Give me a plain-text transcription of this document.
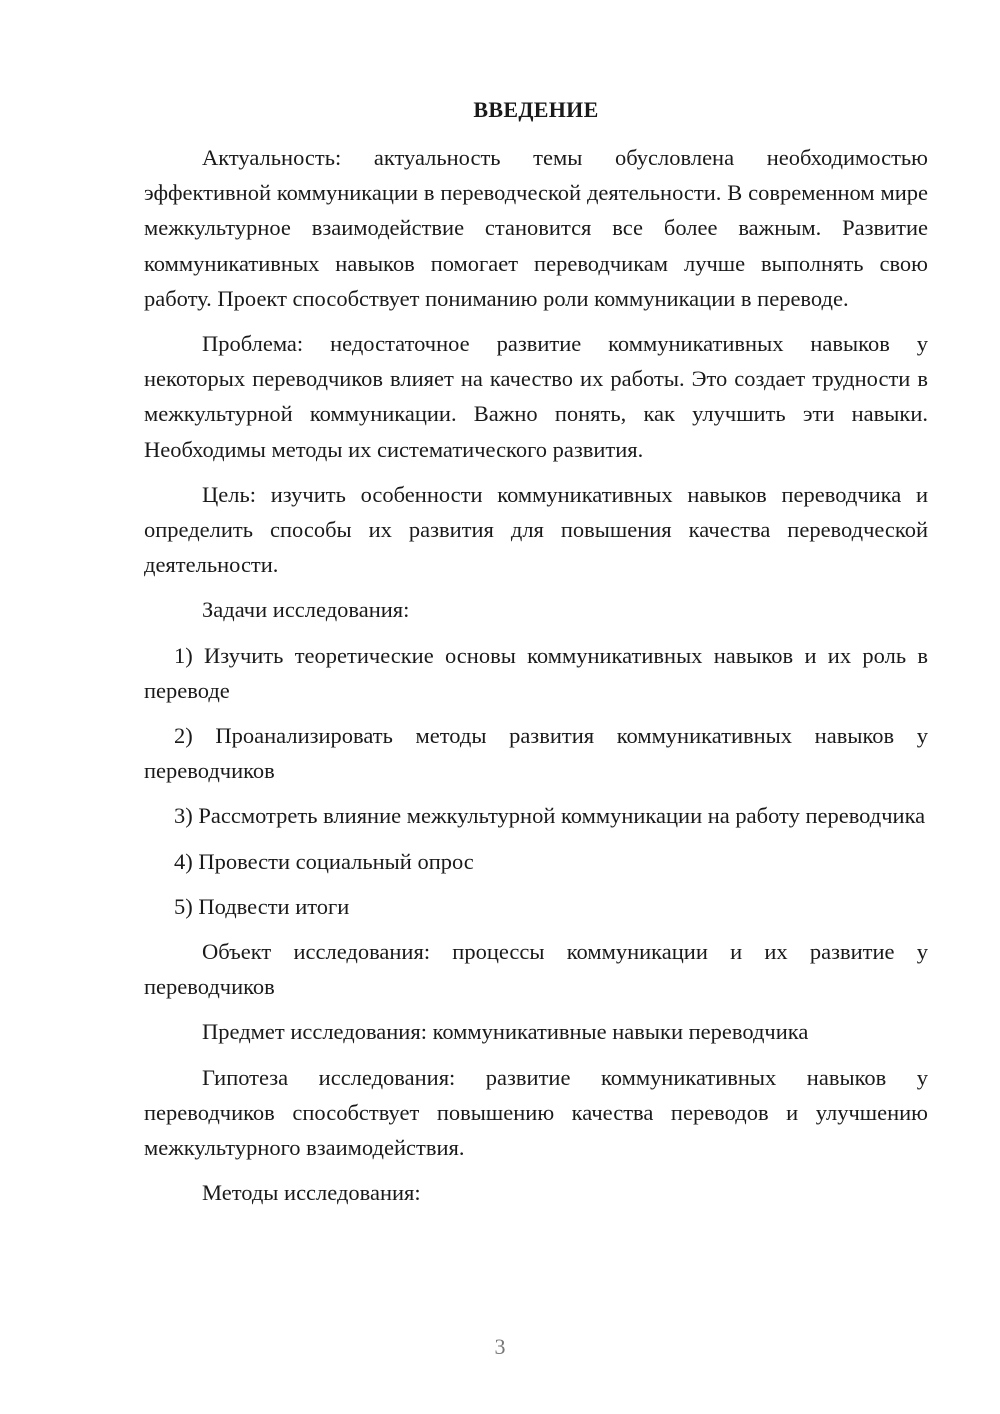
ВВЕДЕНИЕ

Актуальность: актуальность темы обусловлена необходимостью эффективной коммуникации в переводческой деятельности. В современном мире межкультурное взаимодействие становится все более важным. Развитие коммуникативных навыков помогает переводчикам лучше выполнять свою работу. Проект способствует пониманию роли коммуникации в переводе.

Проблема: недостаточное развитие коммуникативных навыков у некоторых переводчиков влияет на качество их работы. Это создает трудности в межкультурной коммуникации. Важно понять, как улучшить эти навыки. Необходимы методы их систематического развития.

Цель: изучить особенности коммуникативных навыков переводчика и определить способы их развития для повышения качества переводческой деятельности.

Задачи исследования:

1) Изучить теоретические основы коммуникативных навыков и их роль в переводе

2) Проанализировать методы развития коммуникативных навыков у переводчиков

3) Рассмотреть влияние межкультурной коммуникации на работу переводчика

4) Провести социальный опрос

5) Подвести итоги

Объект исследования: процессы коммуникации и их развитие у переводчиков

Предмет исследования: коммуникативные навыки переводчика

Гипотеза исследования: развитие коммуникативных навыков у переводчиков способствует повышению качества переводов и улучшению межкультурного взаимодействия.

Методы исследования:

3
